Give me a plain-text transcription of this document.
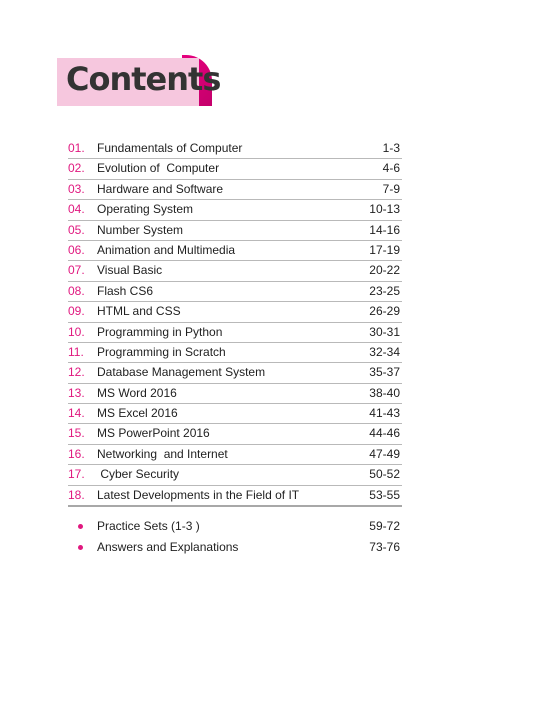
Contents
01. Fundamentals of Computer	1-3
02. Evolution of  Computer	4-6
03. Hardware and Software	7-9
04. Operating System	10-13
05. Number System	14-16
06. Animation and Multimedia	17-19
07. Visual Basic	20-22
08. Flash CS6	23-25
09. HTML and CSS	26-29
10. Programming in Python	30-31
11. Programming in Scratch	32-34
12. Database Management System	35-37
13. MS Word 2016	38-40
14. MS Excel 2016	41-43
15. MS PowerPoint 2016	44-46
16. Networking  and Internet	47-49
17. Cyber Security	50-52
18. Latest Developments in the Field of IT	53-55
Practice Sets (1-3 )	59-72
Answers and Explanations	73-76
